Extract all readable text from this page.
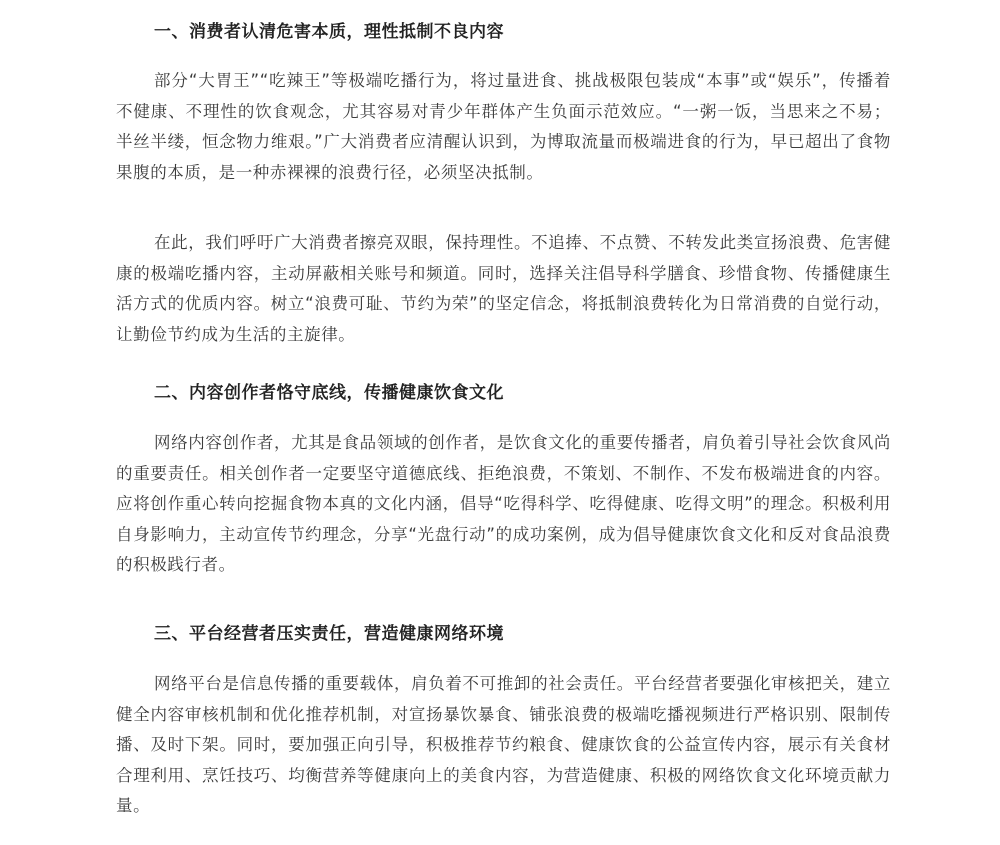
一、消费者认清危害本质，理性抵制不良内容

部分“大胃王”“吃辣王”等极端吃播行为，将过量进食、挑战极限包装成“本事”或“娱乐”，传播着不健康、不理性的饮食观念，尤其容易对青少年群体产生负面示范效应。“一粥一饭，当思来之不易；半丝半缕，恒念物力维艰。”广大消费者应清醒认识到，为博取流量而极端进食的行为，早已超出了食物果腹的本质，是一种赤裸裸的浪费行径，必须坚决抵制。

在此，我们呼吁广大消费者擦亮双眼，保持理性。不追捧、不点赞、不转发此类宣扬浪费、危害健康的极端吃播内容，主动屏蔽相关账号和频道。同时，选择关注倡导科学膳食、珍惜食物、传播健康生活方式的优质内容。树立“浪费可耻、节约为荣”的坚定信念，将抵制浪费转化为日常消费的自觉行动，让勤俭节约成为生活的主旋律。

二、内容创作者恪守底线，传播健康饮食文化

网络内容创作者，尤其是食品领域的创作者，是饮食文化的重要传播者，肩负着引导社会饮食风尚的重要责任。相关创作者一定要坚守道德底线、拒绝浪费，不策划、不制作、不发布极端进食的内容。应将创作重心转向挖掘食物本真的文化内涵，倡导“吃得科学、吃得健康、吃得文明”的理念。积极利用自身影响力，主动宣传节约理念，分享“光盘行动”的成功案例，成为倡导健康饮食文化和反对食品浪费的积极践行者。

三、平台经营者压实责任，营造健康网络环境

网络平台是信息传播的重要载体，肩负着不可推卸的社会责任。平台经营者要强化审核把关，建立健全内容审核机制和优化推荐机制，对宣扬暴饮暴食、铺张浪费的极端吃播视频进行严格识别、限制传播、及时下架。同时，要加强正向引导，积极推荐节约粮食、健康饮食的公益宣传内容，展示有关食材合理利用、烹饪技巧、均衡营养等健康向上的美食内容，为营造健康、积极的网络饮食文化环境贡献力量。
